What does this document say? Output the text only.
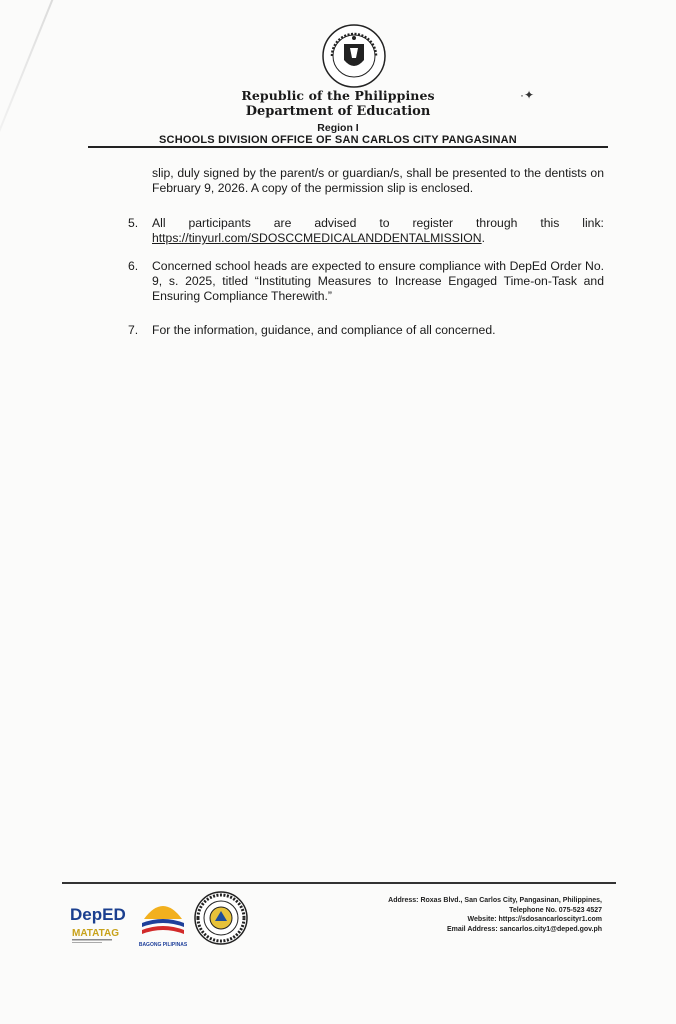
Republic of the Philippines
Department of Education
Region I
SCHOOLS DIVISION OFFICE OF SAN CARLOS CITY PANGASINAN
·✦
slip, duly signed by the parent/s or guardian/s, shall be presented to the dentists on February 9, 2026. A copy of the permission slip is enclosed.
5.	All participants are advised to register through this link:
https://tinyurl.com/SDOSCCMEDICALANDDENTALMISSION.
6.	Concerned school heads are expected to ensure compliance with DepEd Order No. 9, s. 2025, titled “Instituting Measures to Increase Engaged Time-on-Task and Ensuring Compliance Therewith.”
7.	For the information, guidance, and compliance of all concerned.
DepED
MATATAG
BAGONG PILIPINAS
Address: Roxas Blvd., San Carlos City, Pangasinan, Philippines,
Telephone No. 075-523 4527
Website: https://sdosancarloscityr1.com
Email Address: sancarlos.city1@deped.gov.ph
